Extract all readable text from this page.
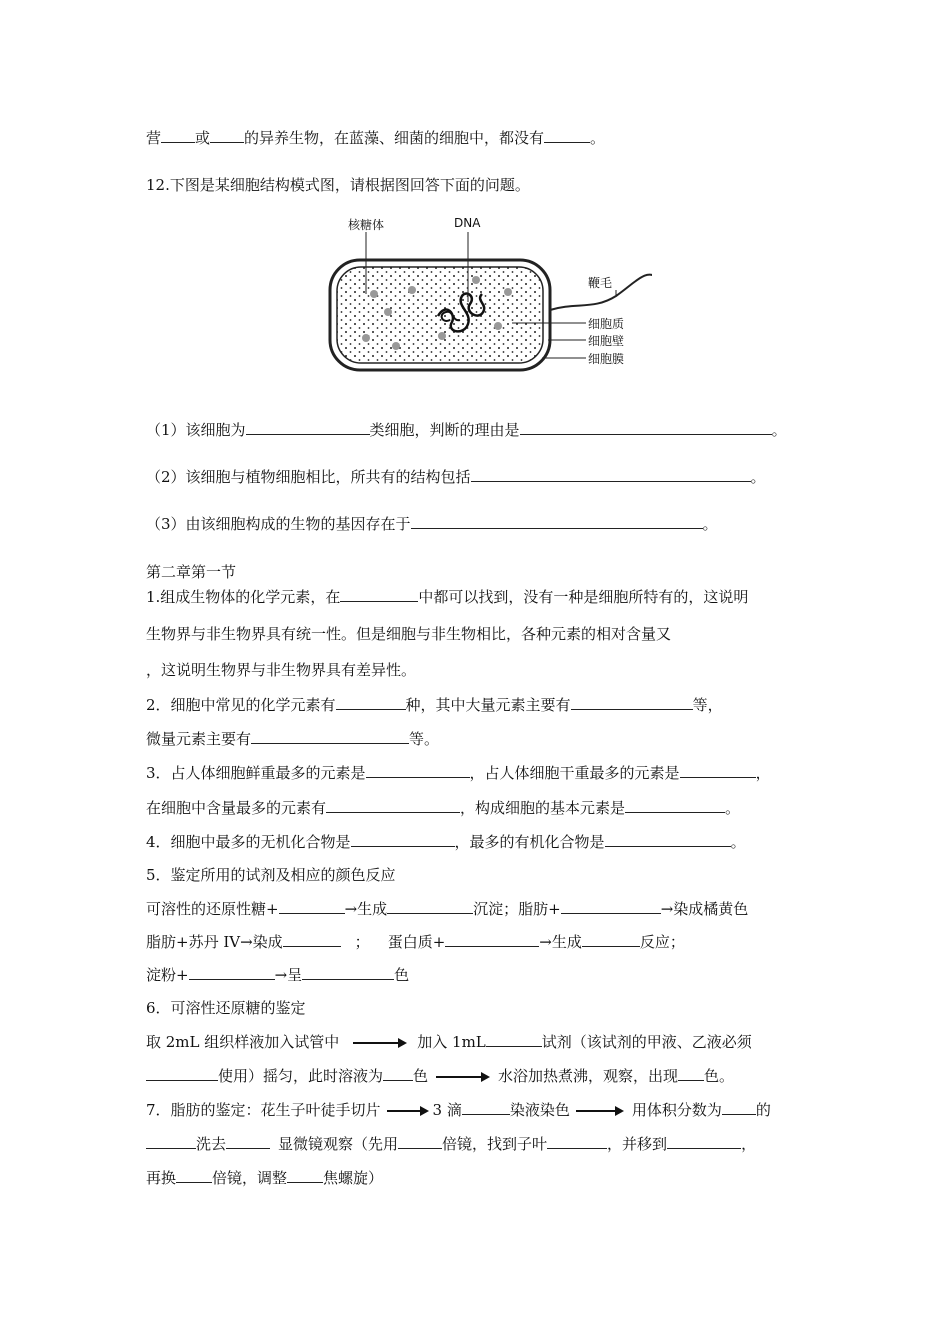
营 或 的异养生物，在蓝藻、细菌的细胞中，都没有	。
12.下图是某细胞结构模式图，请根据图回答下面的问题。
核糖体	DNA
鞭毛
细胞质
细胞壁
细胞膜
（1）该细胞为	类细胞，判断的理由是	。
（2）该细胞与植物细胞相比，所共有的结构包括	。
（3）由该细胞构成的生物的基因存在于	。
第二章第一节
1.组成生物体的化学元素，在	中都可以找到，没有一种是细胞所特有的，这说明
生物界与非生物界具有统一性。但是细胞与非生物相比，各种元素的相对含量又
，这说明生物界与非生物界具有差异性。
2．细胞中常见的化学元素有	种，其中大量元素主要有	等，
微量元素主要有	等。
3．占人体细胞鲜重最多的元素是	，占人体细胞干重最多的元素是	，
在细胞中含量最多的元素有	，构成细胞的基本元素是	。
4．细胞中最多的无机化合物是	，最多的有机化合物是	。
5．鉴定所用的试剂及相应的颜色反应
可溶性的还原性糖+	→生成	沉淀；脂肪+	→染成橘黄色
脂肪+苏丹 IV→染成	； 蛋白质+	→生成	反应；
淀粉+	→呈	色
6．可溶性还原糖的鉴定
取 2mL 组织样液加入试管中	加入 1mL	试剂（该试剂的甲液、乙液必须
使用）摇匀，此时溶液为 色	水浴加热煮沸，观察，出现 色。
7．脂肪的鉴定：花生子叶徒手切片	3 滴	染液染色	用体积分数为 的
洗去	显微镜观察（先用	倍镜，找到子叶	，并移到	，
再换 倍镜，调整 焦螺旋）
